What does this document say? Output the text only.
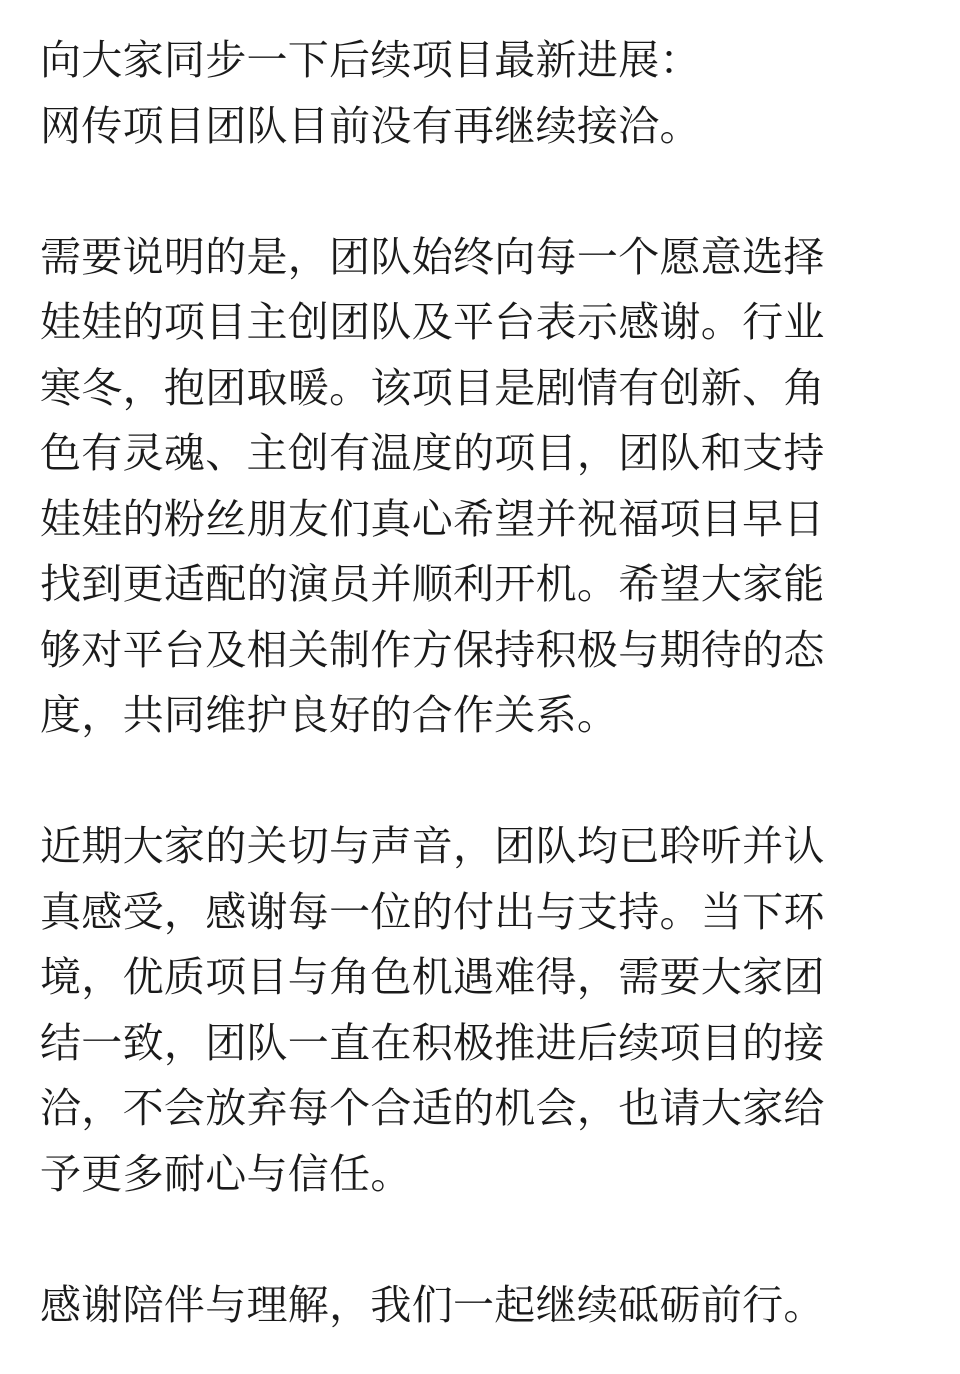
向大家同步一下后续项目最新进展：
网传项目团队目前没有再继续接洽。
需要说明的是，团队始终向每一个愿意选择
娃娃的项目主创团队及平台表示感谢。行业
寒冬，抱团取暖。该项目是剧情有创新、角
色有灵魂、主创有温度的项目，团队和支持
娃娃的粉丝朋友们真心希望并祝福项目早日
找到更适配的演员并顺利开机。希望大家能
够对平台及相关制作方保持积极与期待的态
度，共同维护良好的合作关系。
近期大家的关切与声音，团队均已聆听并认
真感受，感谢每一位的付出与支持。当下环
境，优质项目与角色机遇难得，需要大家团
结一致，团队一直在积极推进后续项目的接
洽，不会放弃每个合适的机会，也请大家给
予更多耐心与信任。
感谢陪伴与理解，我们一起继续砥砺前行。
